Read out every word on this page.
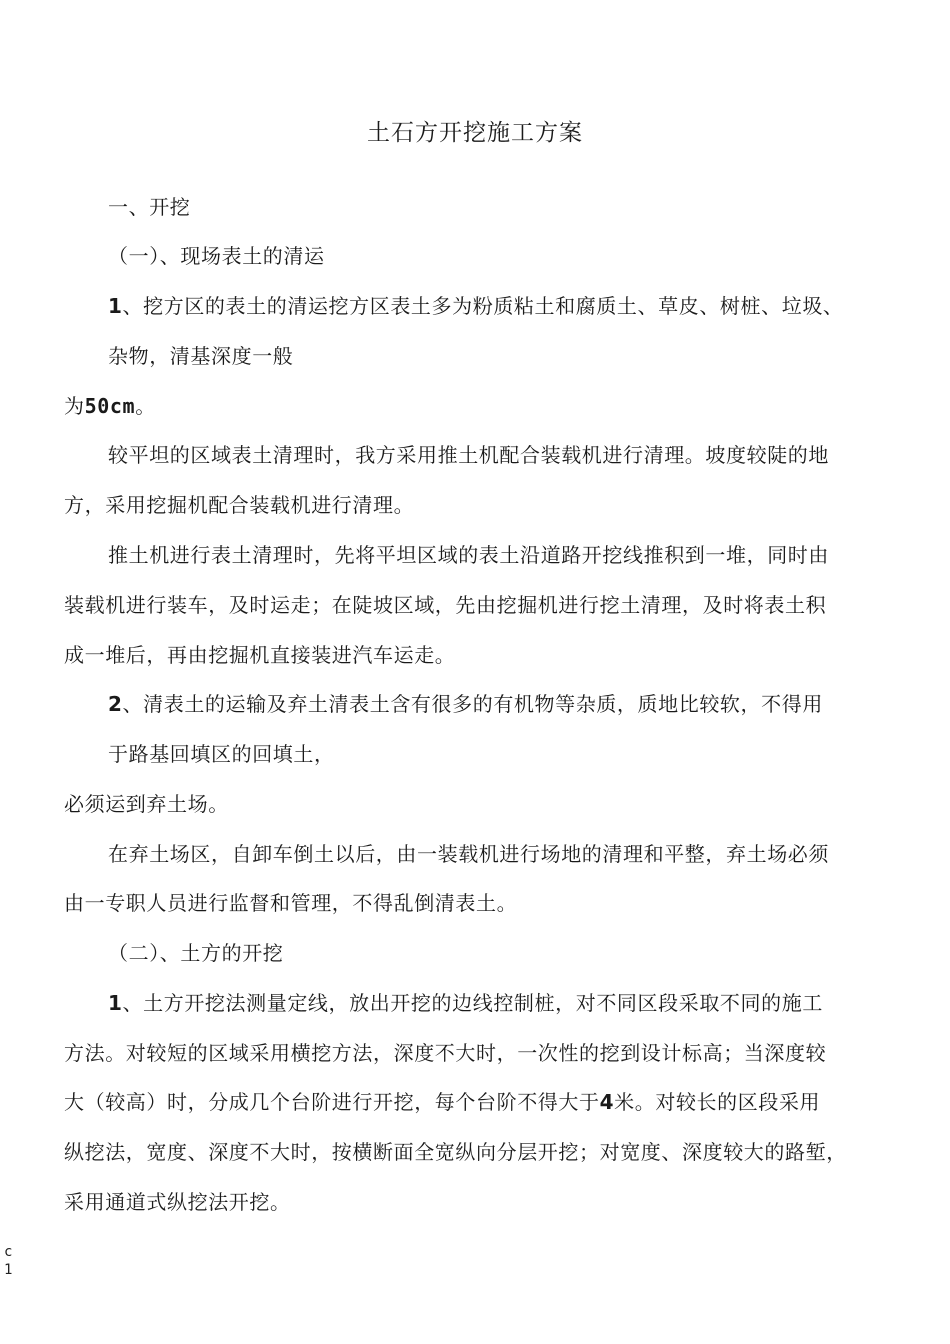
土石方开挖施工方案
一、开挖
（一）、现场表土的清运
1、挖方区的表土的清运挖方区表土多为粉质粘土和腐质土、草皮、树桩、垃圾、
杂物，清基深度一般
为50cm。
较平坦的区域表土清理时，我方采用推土机配合装载机进行清理。坡度较陡的地
方，采用挖掘机配合装载机进行清理。
推土机进行表土清理时，先将平坦区域的表土沿道路开挖线推积到一堆，同时由
装载机进行装车，及时运走；在陡坡区域，先由挖掘机进行挖土清理，及时将表土积
成一堆后，再由挖掘机直接装进汽车运走。
2、清表土的运输及弃土清表土含有很多的有机物等杂质，质地比较软，不得用
于路基回填区的回填土，
必须运到弃土场。
在弃土场区，自卸车倒土以后，由一装载机进行场地的清理和平整，弃土场必须
由一专职人员进行监督和管理，不得乱倒清表土。
（二）、土方的开挖
1、土方开挖法测量定线，放出开挖的边线控制桩，对不同区段采取不同的施工
方法。对较短的区域采用横挖方法，深度不大时，一次性的挖到设计标高；当深度较
大（较高）时，分成几个台阶进行开挖，每个台阶不得大于4米。对较长的区段采用
纵挖法，宽度、深度不大时，按横断面全宽纵向分层开挖；对宽度、深度较大的路堑，
采用通道式纵挖法开挖。
c
1
